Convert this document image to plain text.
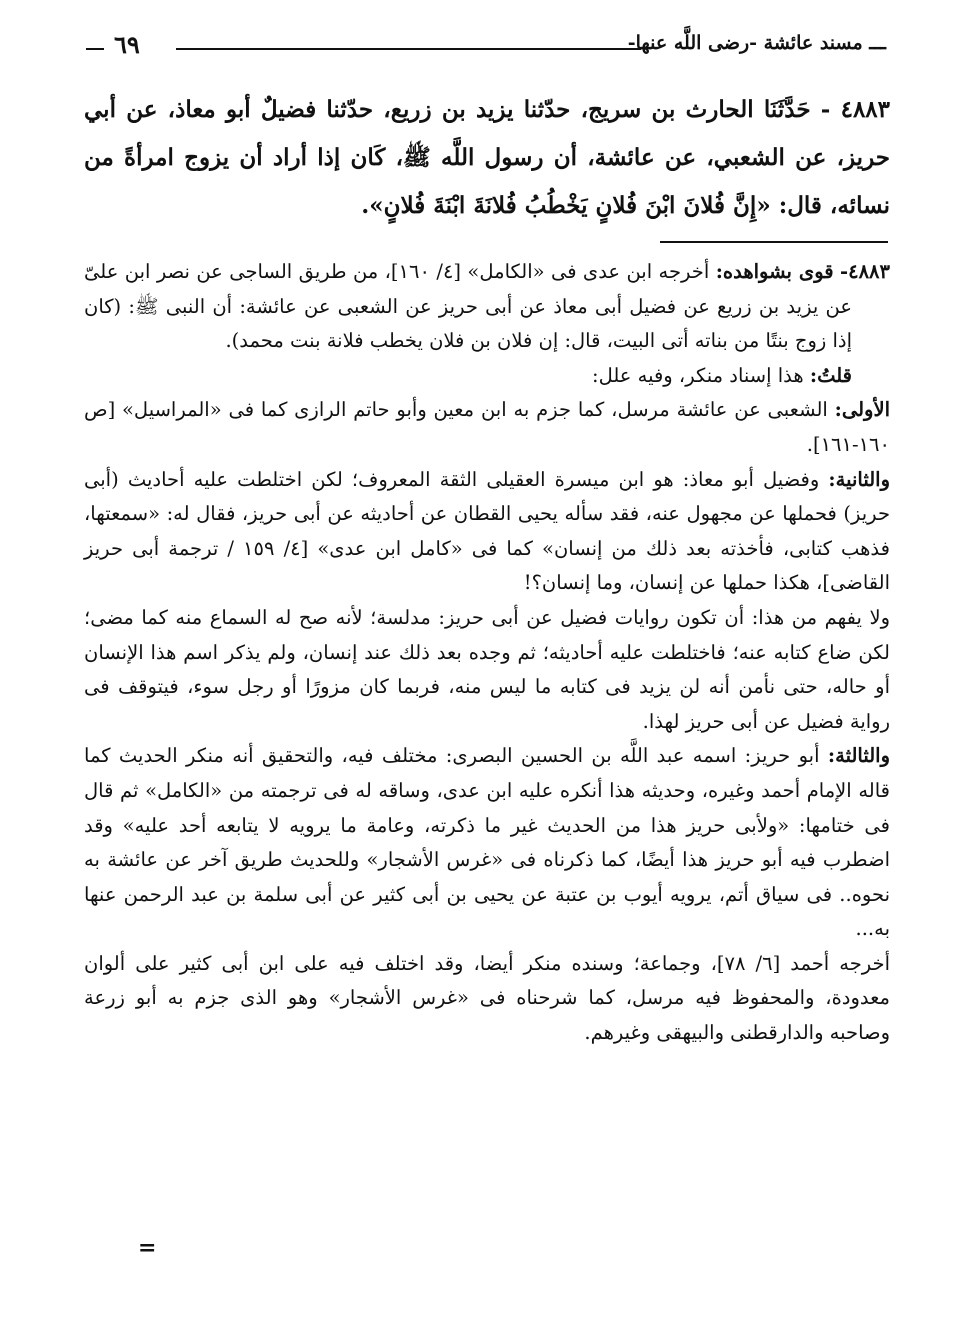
ـــ مسند عائشة -رضى اللَّه عنها-
٦٩
٤٨٨٣ - حَدَّثَنَا الحارث بن سريج، حدّثنا يزيد بن زريع، حدّثنا فضيلٌ أبو معاذ، عن أبي حريز، عن الشعبي، عن عائشة، أن رسول اللَّه ﷺ، كَان إذا أراد أن يزوج امرأةً من نسائه، قال: «إِنَّ فُلانَ ابْنَ فُلانٍ يَخْطُبُ فُلانَةَ ابْنَةَ فُلانٍ».

٤٨٨٣- قوى بشواهده: أخرجه ابن عدى فى «الكامل» [٤/ ١٦٠]، من طريق الساجى عن نصر ابن علىّ عن يزيد بن زريع عن فضيل أبى معاذ عن أبى حريز عن الشعبى عن عائشة: أن النبى ﷺ: (كان إذا زوج بنتًا من بناته أتى البيت، قال: إن فلان بن فلان يخطب فلانة بنت محمد).

قلتُ: هذا إسناد منكر، وفيه علل:

الأولى: الشعبى عن عائشة مرسل، كما جزم به ابن معين وأبو حاتم الرازى كما فى «المراسيل» [ص ١٦٠-١٦١].

والثانية: وفضيل أبو معاذ: هو ابن ميسرة العقيلى الثقة المعروف؛ لكن اختلطت عليه أحاديث (أبى حريز) فحملها عن مجهول عنه، فقد سأله يحيى القطان عن أحاديثه عن أبى حريز، فقال له: «سمعتها، فذهب كتابى، فأخذته بعد ذلك من إنسان» كما فى «كامل ابن عدى» [٤/ ١٥٩ / ترجمة أبى حريز القاضى]، هكذا حملها عن إنسان، وما إنسان؟!

ولا يفهم من هذا: أن تكون روايات فضيل عن أبى حريز: مدلسة؛ لأنه صح له السماع منه كما مضى؛ لكن ضاع كتابه عنه؛ فاختلطت عليه أحاديثه؛ ثم وجده بعد ذلك عند إنسان، ولم يذكر اسم هذا الإنسان أو حاله، حتى نأمن أنه لن يزيد فى كتابه ما ليس منه، فربما كان مزورًا أو رجل سوء، فيتوقف فى رواية فضيل عن أبى حريز لهذا.

والثالثة: أبو حريز: اسمه عبد اللَّه بن الحسين البصرى: مختلف فيه، والتحقيق أنه منكر الحديث كما قاله الإمام أحمد وغيره، وحديثه هذا أنكره عليه ابن عدى، وساقه له فى ترجمته من «الكامل» ثم قال فى ختامها: «ولأبى حريز هذا من الحديث غير ما ذكرته، وعامة ما يرويه لا يتابعه أحد عليه» وقد اضطرب فيه أبو حريز هذا أيضًا، كما ذكرناه فى «غرس الأشجار» وللحديث طريق آخر عن عائشة به نحوه.. فى سياق أتم، يرويه أيوب بن عتبة عن يحيى بن أبى كثير عن أبى سلمة بن عبد الرحمن عنها به...

أخرجه أحمد [٦/ ٧٨]، وجماعة؛ وسنده منكر أيضا، وقد اختلف فيه على ابن أبى كثير على ألوان معدودة، والمحفوظ فيه مرسل، كما شرحناه فى «غرس الأشجار» وهو الذى جزم به أبو زرعة وصاحبه والدارقطنى والبيهقى وغيرهم.

=
